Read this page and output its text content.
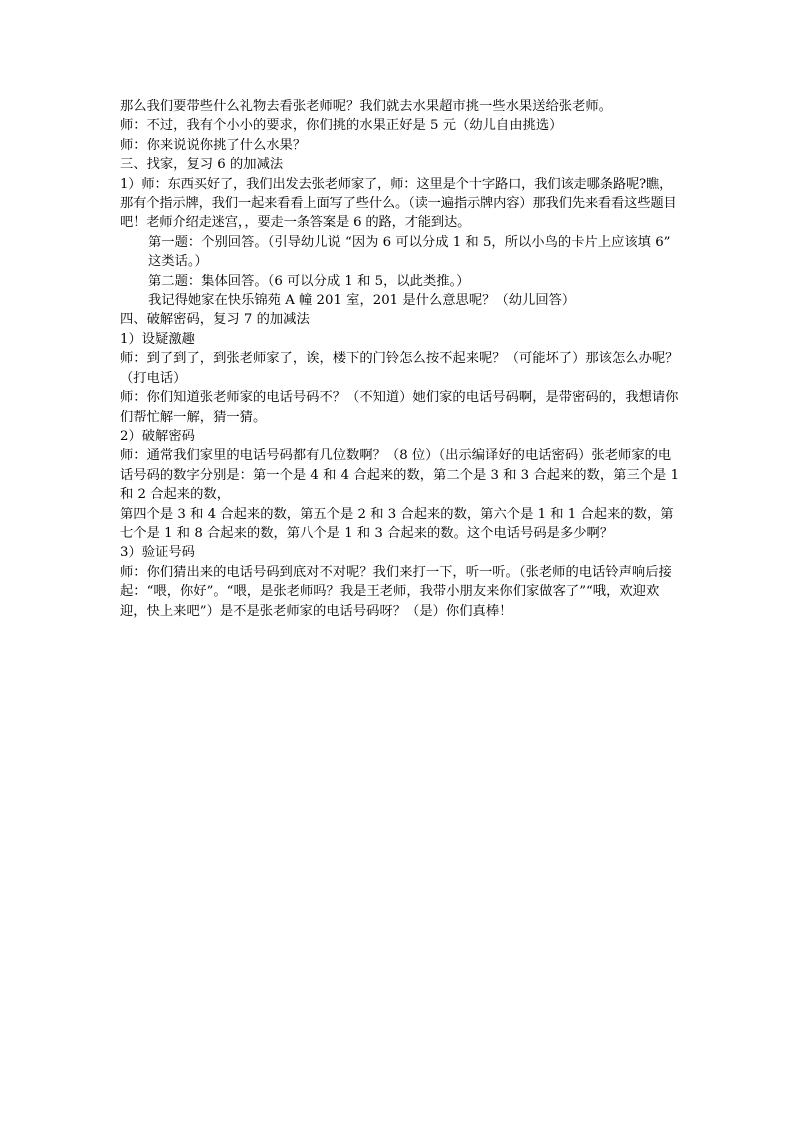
那么我们要带些什么礼物去看张老师呢？我们就去水果超市挑一些水果送给张老师。

师：不过，我有个小小的要求，你们挑的水果正好是 5 元（幼儿自由挑选）

师：你来说说你挑了什么水果？

三、找家，复习 6 的加减法

1）师：东西买好了，我们出发去张老师家了，师：这里是个十字路口，我们该走哪条路呢?瞧，那有个指示牌，我们一起来看看上面写了些什么。（读一遍指示牌内容）那我们先来看看这些题目吧！老师介绍走迷宫，，要走一条答案是 6 的路，才能到达。

第一题：个别回答。（引导幼儿说 “因为 6 可以分成 1 和 5，所以小鸟的卡片上应该填 6” 这类话。）

第二题：集体回答。（6 可以分成 1 和 5，以此类推。）

我记得她家在快乐锦苑 A 幢 201 室，201 是什么意思呢？（幼儿回答）

四、破解密码，复习 7 的加减法

1）设疑激趣

师：到了到了，到张老师家了，诶，楼下的门铃怎么按不起来呢？（可能坏了）那该怎么办呢？（打电话）

师：你们知道张老师家的电话号码不？（不知道）她们家的电话号码啊，是带密码的，我想请你们帮忙解一解，猜一猜。

2）破解密码

师：通常我们家里的电话号码都有几位数啊？（8 位）（出示编译好的电话密码）张老师家的电话号码的数字分别是：第一个是 4 和 4 合起来的数，第二个是 3 和 3 合起来的数，第三个是 1 和 2 合起来的数，

第四个是 3 和 4 合起来的数，第五个是 2 和 3 合起来的数，第六个是 1 和 1 合起来的数，第七个是 1 和 8 合起来的数，第八个是 1 和 3 合起来的数。这个电话号码是多少啊？

3）验证号码

师：你们猜出来的电话号码到底对不对呢？我们来打一下，听一听。（张老师的电话铃声响后接起：“喂，你好”。“喂，是张老师吗？我是王老师，我带小朋友来你们家做客了”“哦，欢迎欢迎，快上来吧”）是不是张老师家的电话号码呀？（是）你们真棒！
